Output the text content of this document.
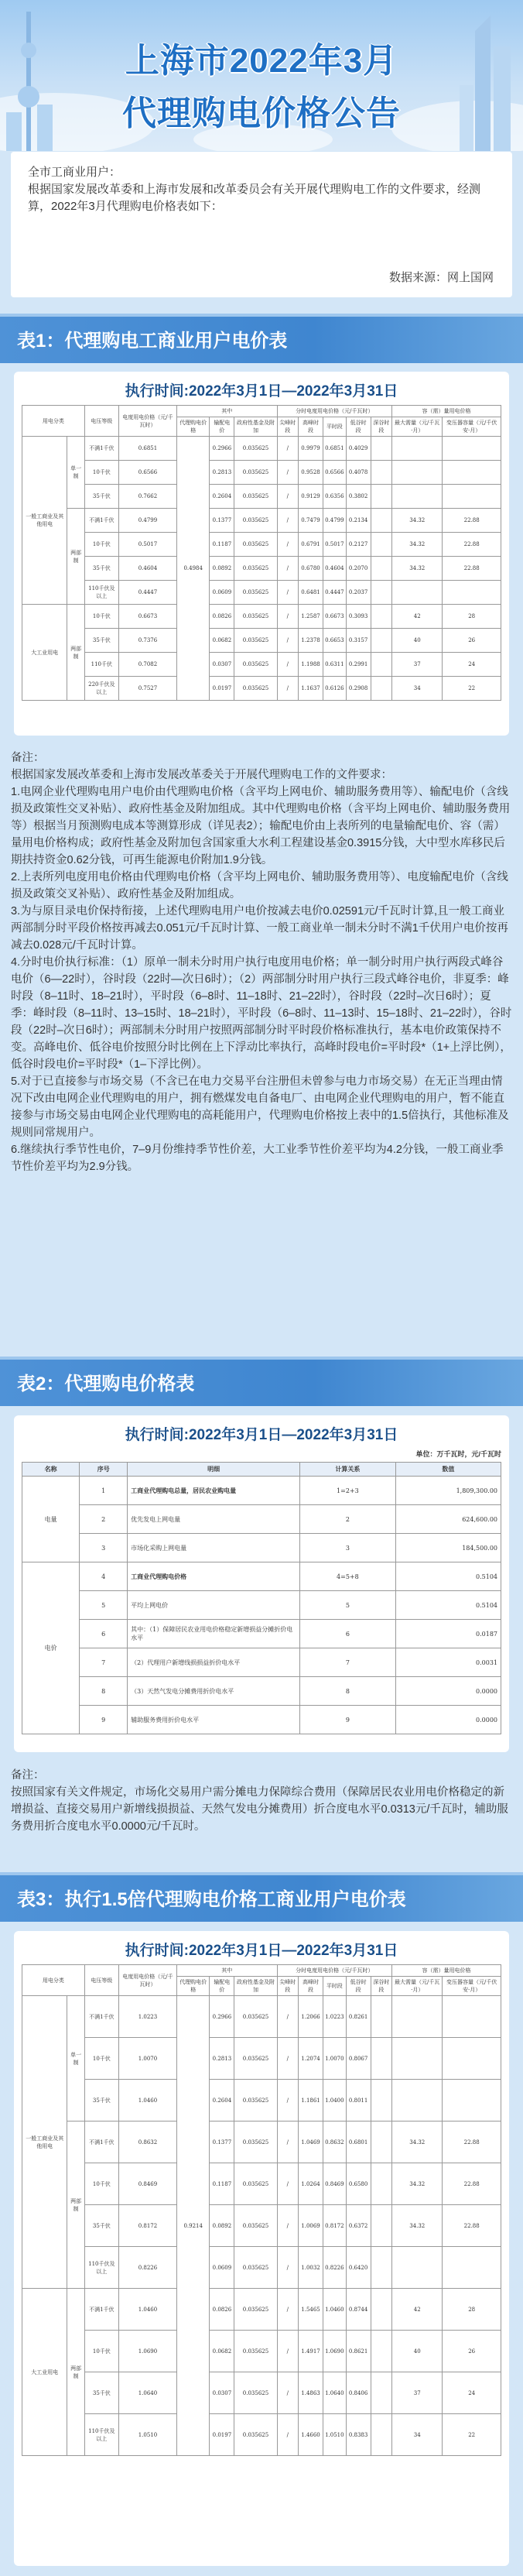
上海市2022年3月
代理购电价格公告

全市工商业用户：

根据国家发展改革委和上海市发展和改革委员会有关开展代理购电工作的文件要求，经测算，2022年3月代理购电价格表如下：

数据来源：网上国网
表1：代理购电工商业用户电价表
执行时间:2022年3月1日—2022年3月31日
用电分类		电压等级	电度用电价格（元/千瓦时）	其中			分时电度用电价格（元/千瓦时）					容（需）量用电价格	
				代理购电价格	输配电价	政府性基金及附加	尖峰时段	高峰时段	平时段	低谷时段	深谷时段	最大需量（元/千瓦·月）	变压器容量（元/千伏安·月）

一般工商业及其他用电	单一制	不满1千伏	0.6851	0.4984	0.2966	0.035625	/	0.9979	0.6851	0.4029			
		10千伏	0.6566		0.2813	0.035625	/	0.9528	0.6566	0.4078			
		35千伏	0.7662		0.2604	0.035625	/	0.9129	0.6356	0.3802			
	两部制	不满1千伏	0.4799		0.1377	0.035625	/	0.7479	0.4799	0.2134		34.32	22.88
		10千伏	0.5017		0.1187	0.035625	/	0.6791	0.5017	0.2127		34.32	22.88
		35千伏	0.4604		0.0892	0.035625	/	0.6780	0.4604	0.2070		34.32	22.88
		110千伏及以上	0.4447		0.0609	0.035625	/	0.6481	0.4447	0.2037			
大工业用电	两部制	10千伏	0.6673		0.0826	0.035625	/	1.2587	0.6673	0.3093		42	28
		35千伏	0.7376		0.0682	0.035625	/	1.2378	0.6653	0.3157		40	26
		110千伏	0.7082		0.0307	0.035625	/	1.1988	0.6311	0.2991		37	24
		220千伏及以上	0.7527		0.0197	0.035625	/	1.1637	0.6126	0.2908		34	22

备注：

根据国家发展改革委和上海市发展改革委关于开展代理购电工作的文件要求：

1.电网企业代理购电用户电价由代理购电价格（含平均上网电价、辅助服务费用等）、输配电价（含线损及政策性交叉补贴）、政府性基金及附加组成。其中代理购电价格（含平均上网电价、辅助服务费用等）根据当月预测购电成本等测算形成（详见表2）；输配电价由上表所列的电量输配电价、容（需）量用电价格构成；政府性基金及附加包含国家重大水利工程建设基金0.3915分钱，大中型水库移民后期扶持资金0.62分钱，可再生能源电价附加1.9分钱。

2.上表所列电度用电价格由代理购电价格（含平均上网电价、辅助服务费用等）、电度输配电价（含线损及政策交叉补贴）、政府性基金及附加组成。

3.为与原目录电价保持衔接，上述代理购电用户电价按减去电价0.02591元/千瓦时计算,且一般工商业两部制分时平段价格按再减去0.051元/千瓦时计算、一般工商业单一制未分时不满1千伏用户电价按再减去0.028元/千瓦时计算。

4.分时电价执行标准：（1）原单一制未分时用户执行电度用电价格；单一制分时用户执行两段式峰谷电价（6—22时），谷时段（22时—次日6时）；（2）两部制分时用户执行三段式峰谷电价，非夏季：峰时段（8–11时、18–21时），平时段（6–8时、11–18时、21–22时），谷时段（22时–次日6时）；夏季：峰时段（8–11时、13–15时、18–21时），平时段（6–8时、11–13时、15–18时、21–22时），谷时段（22时–次日6时）；两部制未分时用户按照两部制分时平时段价格标准执行，基本电价政策保持不变。高峰电价、低谷电价按照分时比例在上下浮动比率执行，高峰时段电价=平时段*（1+上浮比例），低谷时段电价=平时段*（1–下浮比例）。

5.对于已直接参与市场交易（不含已在电力交易平台注册但未曾参与电力市场交易）在无正当理由情况下改由电网企业代理购电的用户，拥有燃煤发电自备电厂、由电网企业代理购电的用户，暂不能直接参与市场交易由电网企业代理购电的高耗能用户，代理购电价格按上表中的1.5倍执行，其他标准及规则同常规用户。

6.继续执行季节性电价，7–9月份维持季节性价差，大工业季节性价差平均为4.2分钱，一般工商业季节性价差平均为2.9分钱。

表2：代理购电价格表
执行时间:2022年3月1日—2022年3月31日
单位：万千瓦时，元/千瓦时
名称	序号	明细	计算关系	数值
电量	1	工商业代理购电总量，居民农业购电量	1=2+3	1,809,300.00
	2	优先发电上网电量	2	624,600.00
	3	市场化采购上网电量	3	184,500.00
电价	4	工商业代理购电价格	4=5+8	0.5104
	5	平均上网电价	5	0.5104
	6	其中：（1）保障居民农业用电价格稳定新增损益分摊折价电水平	6	0.0187
	7	（2）代理用户新增线损损益折价电水平	7	0.0031
	8	（3）天然气发电分摊费用折价电水平	8	0.0000
	9	辅助服务费用折价电水平	9	0.0000

备注：

按照国家有关文件规定，市场化交易用户需分摊电力保障综合费用（保障居民农业用电价格稳定的新增损益、直接交易用户新增线损损益、天然气发电分摊费用）折合度电水平0.0313元/千瓦时，辅助服务费用折合度电水平0.0000元/千瓦时。

表3：执行1.5倍代理购电价格工商业用户电价表
执行时间:2022年3月1日—2022年3月31日
用电分类		电压等级	电度用电价格（元/千瓦时）	其中			分时电度用电价格（元/千瓦时）					容（需）量用电价格	
				代理购电价格	输配电价	政府性基金及附加	尖峰时段	高峰时段	平时段	低谷时段	深谷时段	最大需量（元/千瓦·月）	变压器容量（元/千伏安·月）
一般工商业及其他用电	单一制	不满1千伏	1.0223	0.9214	0.2966	0.035625	/	1.2066	1.0223	0.8261			
		10千伏	1.0070		0.2813	0.035625	/	1.2074	1.0070	0.8067			
		35千伏	1.0460		0.2604	0.035625	/	1.1861	1.0400	0.8011			
	两部制	不满1千伏	0.8632		0.1377	0.035625	/	1.0469	0.8632	0.6801		34.32	22.88
		10千伏	0.8469		0.1187	0.035625	/	1.0264	0.8469	0.6580		34.32	22.88
		35千伏	0.8172		0.0892	0.035625	/	1.0069	0.8172	0.6372		34.32	22.88
		110千伏及以上	0.8226		0.0609	0.035625	/	1.0032	0.8226	0.6420			
大工业用电	两部制	不满1千伏	1.0460		0.0826	0.035625	/	1.5465	1.0460	0.8744		42	28
		10千伏	1.0690		0.0682	0.035625	/	1.4917	1.0690	0.8621		40	26
		35千伏	1.0640		0.0307	0.035625	/	1.4863	1.0640	0.8406		37	24
		110千伏及以上	1.0510		0.0197	0.035625	/	1.4660	1.0510	0.8383		34	22
